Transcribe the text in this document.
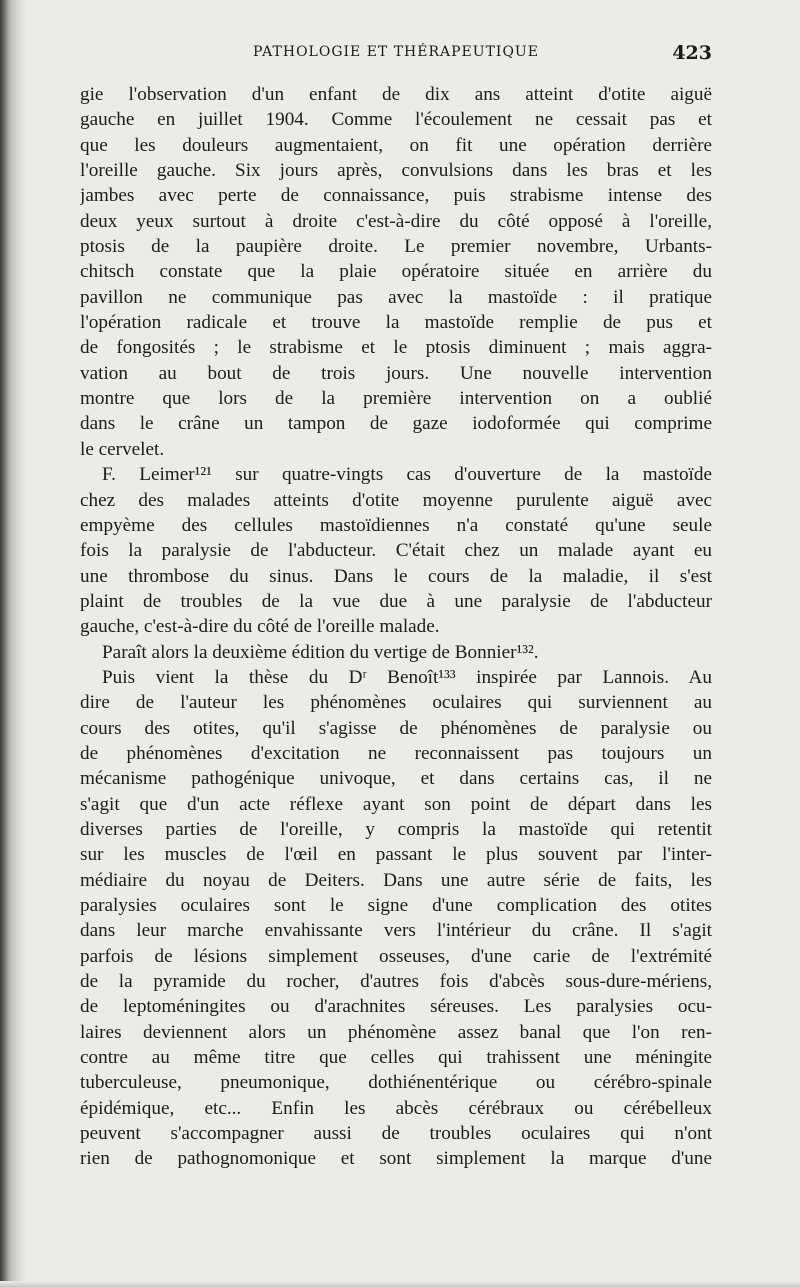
PATHOLOGIE ET THÉRAPEUTIQUE	423
gie l'observation d'un enfant de dix ans atteint d'otite aiguë
gauche en juillet 1904. Comme l'écoulement ne cessait pas et
que les douleurs augmentaient, on fit une opération derrière
l'oreille gauche. Six jours après, convulsions dans les bras et les
jambes avec perte de connaissance, puis strabisme intense des
deux yeux surtout à droite c'est-à-dire du côté opposé à l'oreille,
ptosis de la paupière droite. Le premier novembre, Urbants-
chitsch constate que la plaie opératoire située en arrière du
pavillon ne communique pas avec la mastoïde : il pratique
l'opération radicale et trouve la mastoïde remplie de pus et
de fongosités ; le strabisme et le ptosis diminuent ; mais aggra-
vation au bout de trois jours. Une nouvelle intervention
montre que lors de la première intervention on a oublié
dans le crâne un tampon de gaze iodoformée qui comprime
le cervelet.
F. Leimer¹²¹ sur quatre-vingts cas d'ouverture de la mastoïde
chez des malades atteints d'otite moyenne purulente aiguë avec
empyème des cellules mastoïdiennes n'a constaté qu'une seule
fois la paralysie de l'abducteur. C'était chez un malade ayant eu
une thrombose du sinus. Dans le cours de la maladie, il s'est
plaint de troubles de la vue due à une paralysie de l'abducteur
gauche, c'est-à-dire du côté de l'oreille malade.
Paraît alors la deuxième édition du vertige de Bonnier¹³².
Puis vient la thèse du Dʳ Benoît¹³³ inspirée par Lannois. Au
dire de l'auteur les phénomènes oculaires qui surviennent au
cours des otites, qu'il s'agisse de phénomènes de paralysie ou
de phénomènes d'excitation ne reconnaissent pas toujours un
mécanisme pathogénique univoque, et dans certains cas, il ne
s'agit que d'un acte réflexe ayant son point de départ dans les
diverses parties de l'oreille, y compris la mastoïde qui retentit
sur les muscles de l'œil en passant le plus souvent par l'inter-
médiaire du noyau de Deiters. Dans une autre série de faits, les
paralysies oculaires sont le signe d'une complication des otites
dans leur marche envahissante vers l'intérieur du crâne. Il s'agit
parfois de lésions simplement osseuses, d'une carie de l'extrémité
de la pyramide du rocher, d'autres fois d'abcès sous-dure-mériens,
de leptoméningites ou d'arachnites séreuses. Les paralysies ocu-
laires deviennent alors un phénomène assez banal que l'on ren-
contre au même titre que celles qui trahissent une méningite
tuberculeuse, pneumonique, dothiénentérique ou cérébro-spinale
épidémique, etc... Enfin les abcès cérébraux ou cérébelleux
peuvent s'accompagner aussi de troubles oculaires qui n'ont
rien de pathognomonique et sont simplement la marque d'une
